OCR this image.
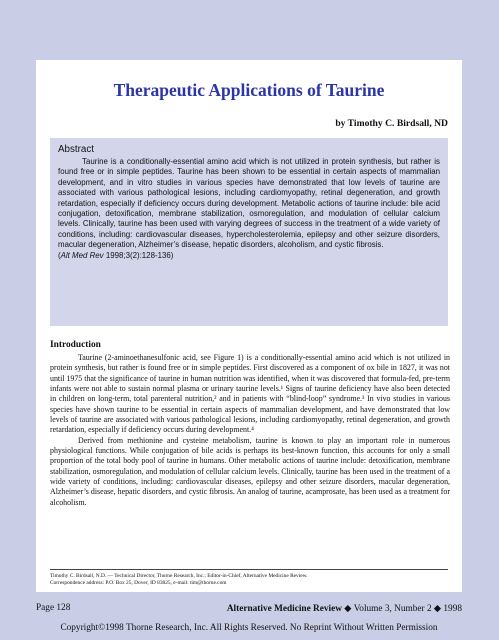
Therapeutic Applications of Taurine

by Timothy C. Birdsall, ND

Abstract

Taurine is a conditionally-essential amino acid which is not utilized in protein synthesis, but rather is found free or in simple peptides. Taurine has been shown to be essential in certain aspects of mammalian development, and in vitro studies in various species have demonstrated that low levels of taurine are associated with various pathological lesions, including cardiomyopathy, retinal degeneration, and growth retardation, especially if deficiency occurs during development. Metabolic actions of taurine include: bile acid conjugation, detoxification, membrane stabilization, osmoregulation, and modulation of cellular calcium levels. Clinically, taurine has been used with varying degrees of success in the treatment of a wide variety of conditions, including: cardiovascular diseases, hypercholesterolemia, epilepsy and other seizure disorders, macular degeneration, Alzheimer’s disease, hepatic disorders, alcoholism, and cystic fibrosis.

(Alt Med Rev 1998;3(2):128-136)

Introduction

Taurine (2-aminoethanesulfonic acid, see Figure 1) is a conditionally-essential amino acid which is not utilized in protein synthesis, but rather is found free or in simple peptides. First discovered as a component of ox bile in 1827, it was not until 1975 that the significance of taurine in human nutrition was identified, when it was discovered that formula-fed, pre-term infants were not able to sustain normal plasma or urinary taurine levels.¹ Signs of taurine deficiency have also been detected in children on long-term, total parenteral nutrition,² and in patients with “blind-loop” syndrome.³ In vivo studies in various species have shown taurine to be essential in certain aspects of mammalian development, and have demonstrated that low levels of taurine are associated with various pathological lesions, including cardiomyopathy, retinal degeneration, and growth retardation, especially if deficiency occurs during development.⁴

Derived from methionine and cysteine metabolism, taurine is known to play an important role in numerous physiological functions. While conjugation of bile acids is perhaps its best-known function, this accounts for only a small proportion of the total body pool of taurine in humans. Other metabolic actions of taurine include: detoxification, membrane stabilization, osmoregulation, and modulation of cellular calcium levels. Clinically, taurine has been used in the treatment of a wide variety of conditions, including: cardiovascular diseases, epilepsy and other seizure disorders, macular degeneration, Alzheimer’s disease, hepatic disorders, and cystic fibrosis. An analog of taurine, acamprosate, has been used as a treatment for alcoholism.

Timothy C. Birdsall, N.D. — Technical Director, Thorne Research, Inc.; Editor-in-Chief, Alternative Medicine Review.
Correspondence address: P.O. Box 25, Dover, ID 83825, e-mail: tim@thorne.com

Page 128	Alternative Medicine Review ◆ Volume 3, Number 2 ◆ 1998

Copyright©1998 Thorne Research, Inc. All Rights Reserved. No Reprint Without Written Permission
